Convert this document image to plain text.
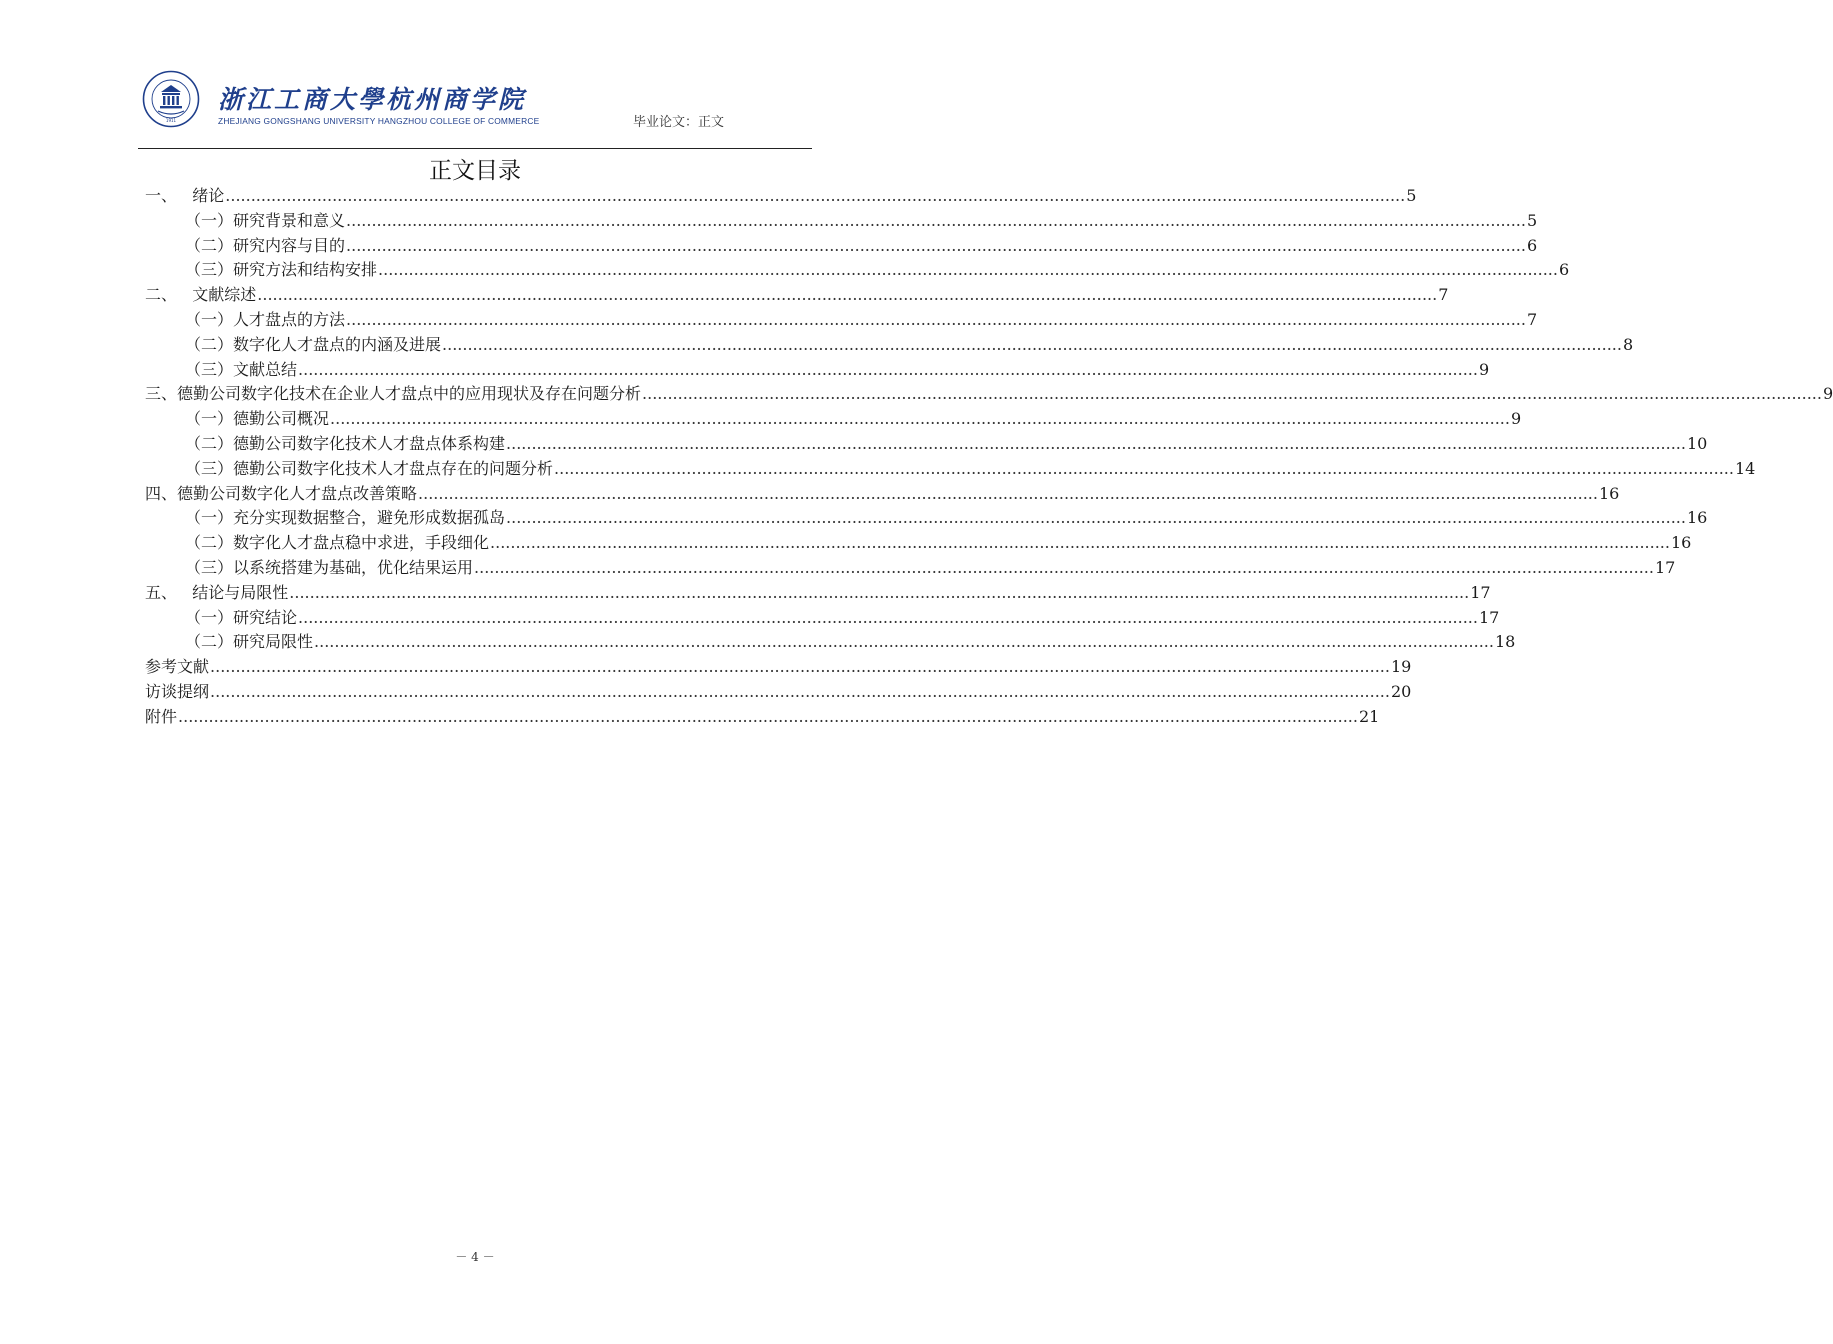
1911
浙江工商大學杭州商学院
ZHEJIANG GONGSHANG UNIVERSITY HANGZHOU COLLEGE OF COMMERCE	毕业论文：正文
正文目录
一、 绪论 .....	5
（一） 研究背景和意义 .....	5
（二） 研究内容与目的 .....	6
（三） 研究方法和结构安排 .....	6
二、 文献综述 .....	7
（一） 人才盘点的方法 .....	7
（二） 数字化人才盘点的内涵及进展 .....	8
（三） 文献总结 .....	9
三、 德勤公司数字化技术在企业人才盘点中的应用现状及存在问题分析 .....	9
（一） 德勤公司概况 .....	9
（二） 德勤公司数字化技术人才盘点体系构建 .....	10
（三） 德勤公司数字化技术人才盘点存在的问题分析 .....	14
四、 德勤公司数字化人才盘点改善策略 .....	16
（一） 充分实现数据整合，避免形成数据孤岛 .....	16
（二） 数字化人才盘点稳中求进，手段细化 .....	16
（三） 以系统搭建为基础，优化结果运用 .....	17
五、 结论与局限性 .....	17
（一） 研究结论 .....	17
（二） 研究局限性 .....	18
参考文献 .....	19
访谈提纲 .....	20
附件 .....	21
－ 4 －
